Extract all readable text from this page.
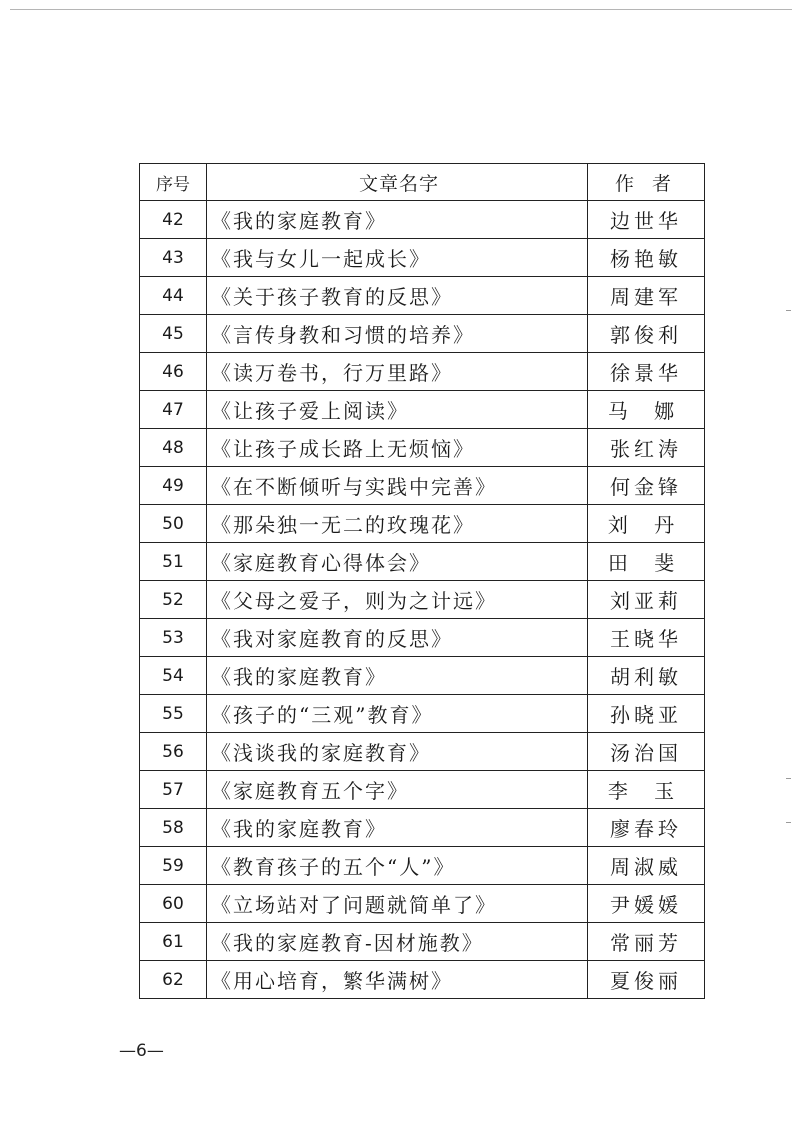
序号	文章名字	作 者
42	《我的家庭教育》	边世华
43	《我与女儿一起成长》	杨艳敏
44	《关于孩子教育的反思》	周建军
45	《言传身教和习惯的培养》	郭俊利
46	《读万卷书，行万里路》	徐景华
47	《让孩子爱上阅读》	马 娜
48	《让孩子成长路上无烦恼》	张红涛
49	《在不断倾听与实践中完善》	何金锋
50	《那朵独一无二的玫瑰花》	刘 丹
51	《家庭教育心得体会》	田 斐
52	《父母之爱子，则为之计远》	刘亚莉
53	《我对家庭教育的反思》	王晓华
54	《我的家庭教育》	胡利敏
55	《孩子的“三观”教育》	孙晓亚
56	《浅谈我的家庭教育》	汤治国
57	《家庭教育五个字》	李 玉
58	《我的家庭教育》	廖春玲
59	《教育孩子的五个“人”》	周淑威
60	《立场站对了问题就简单了》	尹媛媛
61	《我的家庭教育-因材施教》	常丽芳
62	《用心培育，繁华满树》	夏俊丽
—6—
